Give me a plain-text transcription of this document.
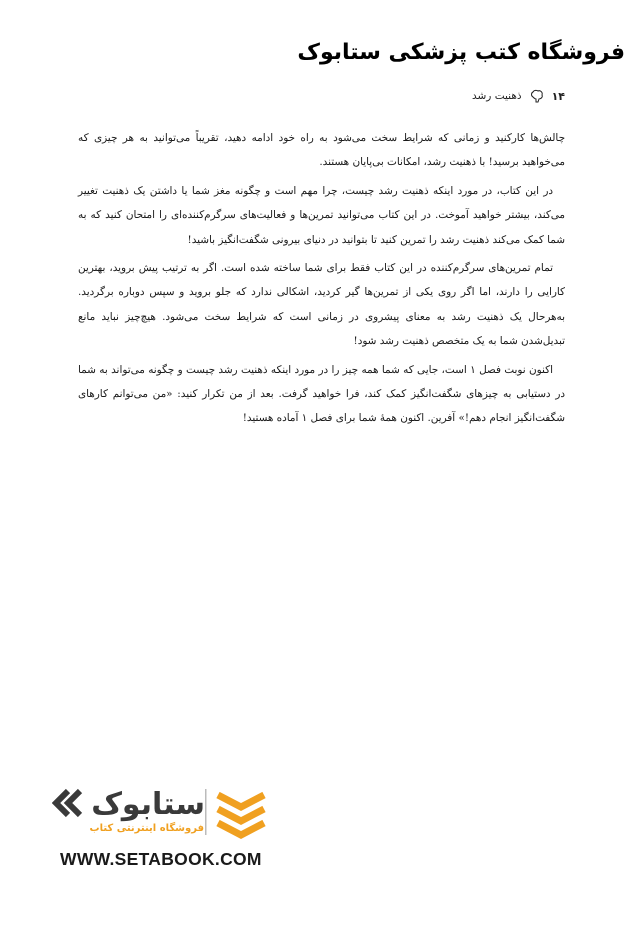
فروشگاه کتب پزشکی ستابوک
۱۴
ذهنیت رشد

چالش‌ها کارکنید و زمانی که شرایط سخت می‌شود به راه خود ادامه دهید، تقریباً می‌توانید به هر چیزی که می‌خواهید برسید! با ذهنیت رشد، امکانات بی‌پایان هستند.

در این کتاب، در مورد اینکه ذهنیت رشد چیست، چرا مهم است و چگونه مغز شما یا داشتن یک ذهنیت تغییر می‌کند، بیشتر خواهید آموخت. در این کتاب می‌توانید تمرین‌ها و فعالیت‌های سرگرم‌کننده‌ای را امتحان کنید که به شما کمک می‌کند ذهنیت رشد را تمرین کنید تا بتوانید در دنیای بیرونی شگفت‌انگیز باشید!

تمام تمرین‌های سرگرم‌کننده در این کتاب فقط برای شما ساخته شده است. اگر به ترتیب پیش بروید، بهترین کارایی را دارند، اما اگر روی یکی از تمرین‌ها گیر کردید، اشکالی ندارد که جلو بروید و سپس دوباره برگردید. به‌هرحال یک ذهنیت رشد به معنای پیشروی در زمانی است که شرایط سخت می‌شود. هیچ‌چیز نباید مانع تبدیل‌شدن شما به یک متخصص ذهنیت رشد شود!

اکنون نوبت فصل ۱ است، جایی که شما همه چیز را در مورد اینکه ذهنیت رشد چیست و چگونه می‌تواند به شما در دستیابی به چیزهای شگفت‌انگیز کمک کند، فرا خواهید گرفت. بعد از من تکرار کنید: «من می‌توانم کارهای شگفت‌انگیز انجام دهم!» آفرین. اکنون همهٔ شما برای فصل ۱ آماده هستید!

ستابوک
فروشگاه اینترنتی کتاب
WWW.SETABOOK.COM
